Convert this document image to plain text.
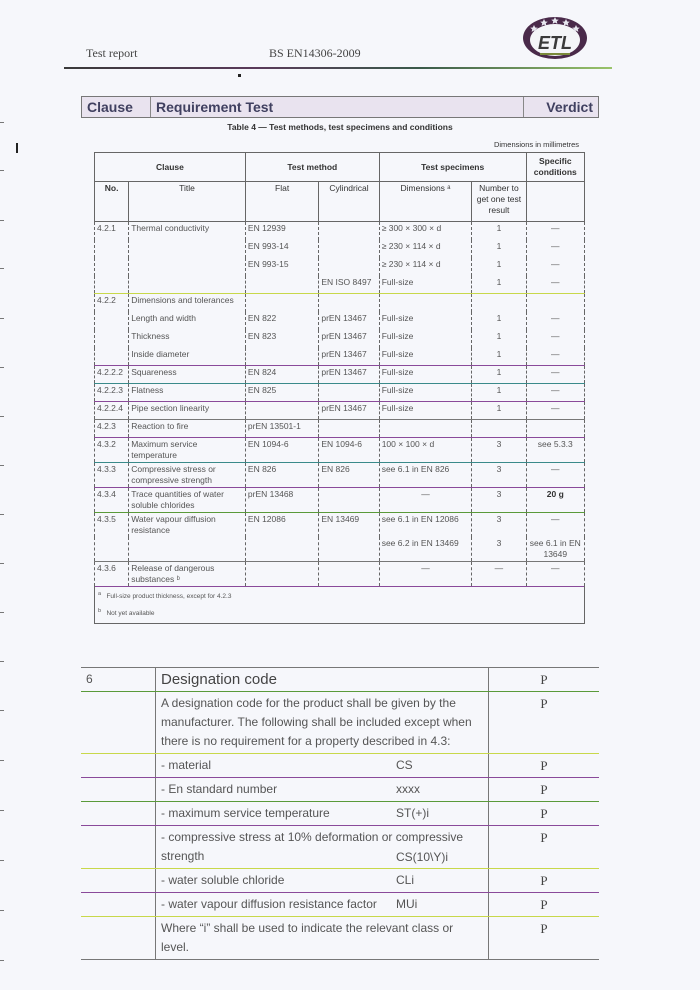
Test report	BS EN14306-2009	ETL
Clause	Requirement Test	Verdict
Table 4 — Test methods, test specimens and conditions
Dimensions in millimetres
Clause		Test method		Test specimens		Specific conditions
No.	Title	Flat	Cylindrical	Dimensions ᵃ	Number to get one test result	
4.2.1	Thermal conductivity	EN 12939		≥ 300 × 300 × d	1	—
		EN 993-14		≥ 230 × 114 × d	1	—
		EN 993-15		≥ 230 × 114 × d	1	—
			EN ISO 8497	Full-size	1	—
4.2.2	Dimensions and tolerances					
	Length and width	EN 822	prEN 13467	Full-size	1	—
	Thickness	EN 823	prEN 13467	Full-size	1	—
	Inside diameter		prEN 13467	Full-size	1	—
4.2.2.2	Squareness	EN 824	prEN 13467	Full-size	1	—
4.2.2.3	Flatness	EN 825		Full-size	1	—
4.2.2.4	Pipe section linearity		prEN 13467	Full-size	1	—
4.2.3	Reaction to fire	prEN 13501-1				
4.3.2	Maximum service temperature	EN 1094-6	EN 1094-6	100 × 100 × d	3	see 5.3.3
4.3.3	Compressive stress or compressive strength	EN 826	EN 826	see 6.1 in EN 826	3	—
4.3.4	Trace quantities of water soluble chlorides	prEN 13468		—	3	20 g
4.3.5	Water vapour diffusion resistance	EN 12086	EN 13469	see 6.1 in EN 12086	3	—
				see 6.2 in EN 13469	3	see 6.1 in EN 13649
4.3.6	Release of dangerous substances ᵇ			—	—	—
$^a$ Full-size product thickness, except for 4.2.3						
$^b$ Not yet available						
6	Designation code	P
	A designation code for the product shall be given by the manufacturer. The following shall be included except when there is no requirement for a property described in 4.3:	P
	- material CS	P
	- En standard number xxxx	P
	- maximum service temperature ST(+)i	P
	- compressive stress at 10% deformation or compressive strength CS(10\Y)i	P
	- water soluble chloride CLi	P
	- water vapour diffusion resistance factor MUi	P
	Where “i” shall be used to indicate the relevant class or level.	P
